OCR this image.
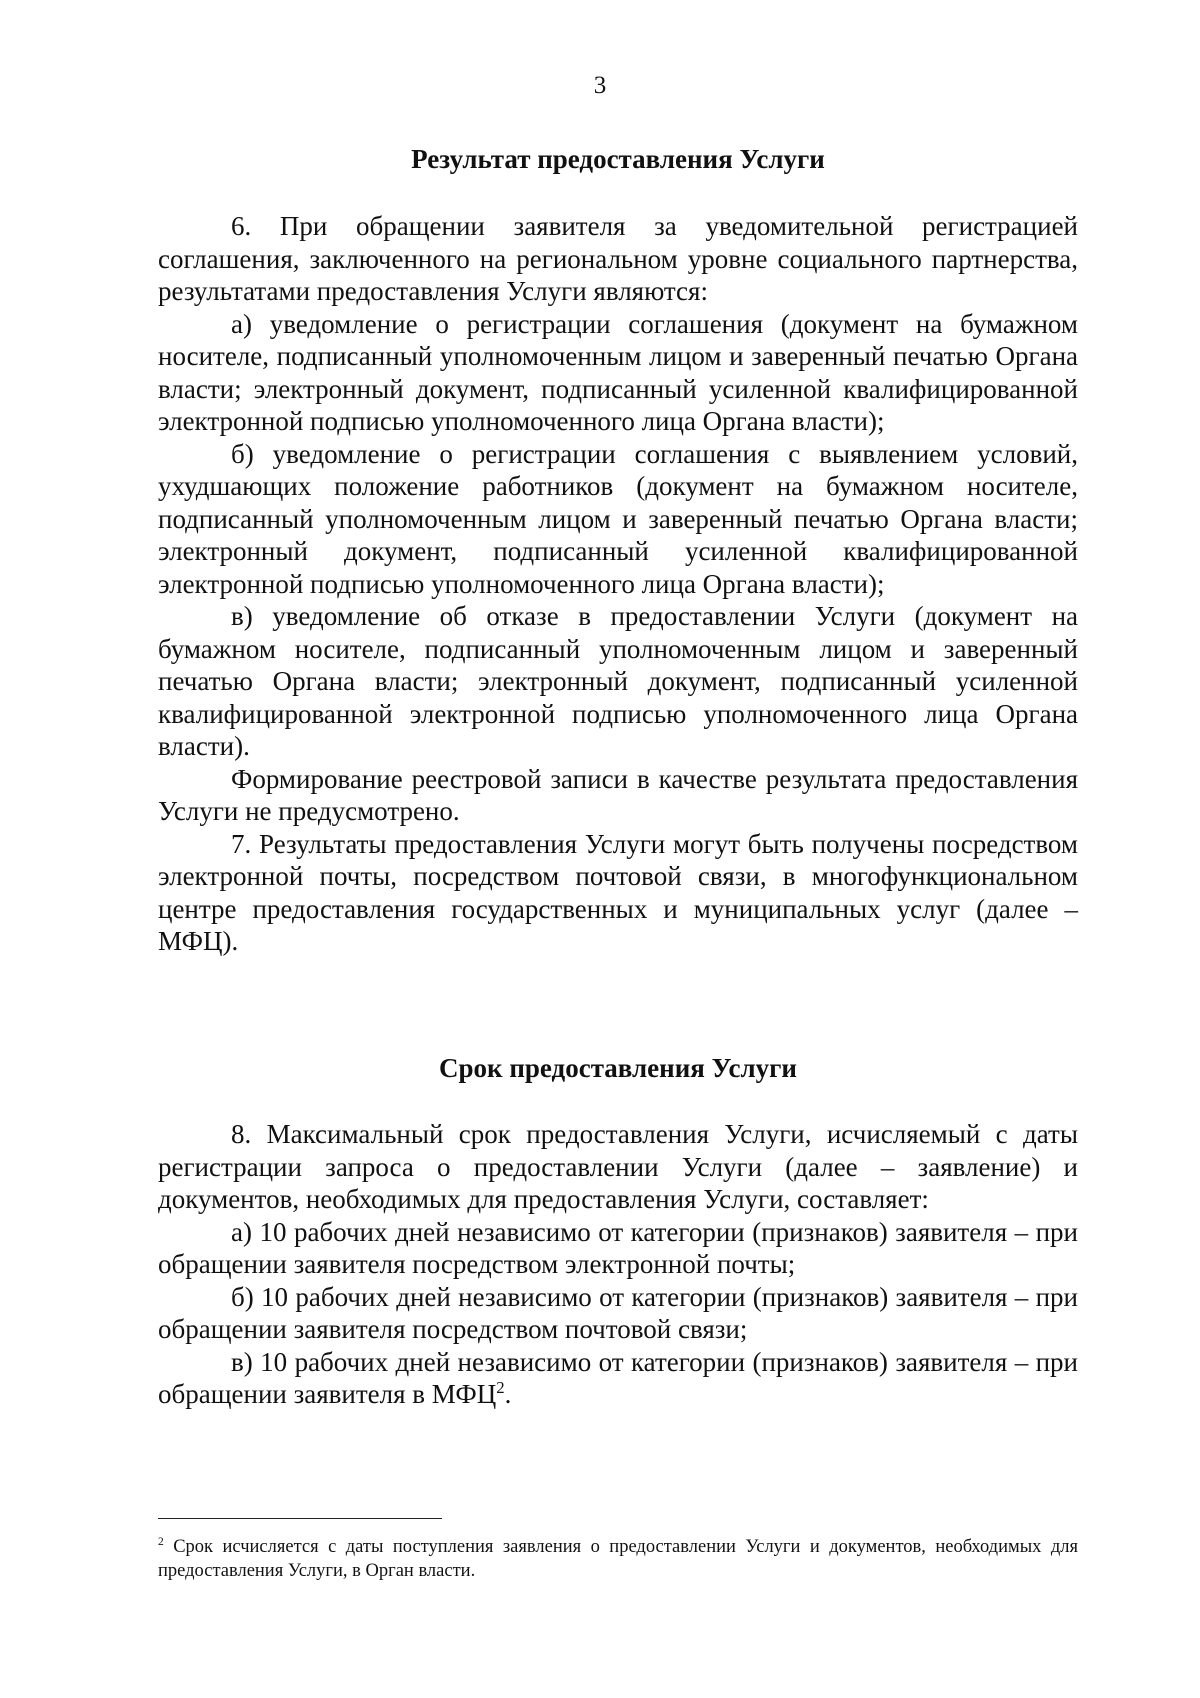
3
Результат предоставления Услуги

6. При обращении заявителя за уведомительной регистрацией соглашения, заключенного на региональном уровне социального партнерства, результатами предоставления Услуги являются:

а) уведомление о регистрации соглашения (документ на бумажном носителе, подписанный уполномоченным лицом и заверенный печатью Органа власти; электронный документ, подписанный усиленной квалифицированной электронной подписью уполномоченного лица Органа власти);

б) уведомление о регистрации соглашения с выявлением условий, ухудшающих положение работников (документ на бумажном носителе, подписанный уполномоченным лицом и заверенный печатью Органа власти; электронный документ, подписанный усиленной квалифицированной электронной подписью уполномоченного лица Органа власти);

в) уведомление об отказе в предоставлении Услуги (документ на бумажном носителе, подписанный уполномоченным лицом и заверенный печатью Органа власти; электронный документ, подписанный усиленной квалифицированной электронной подписью уполномоченного лица Органа власти).

Формирование реестровой записи в качестве результата предоставления Услуги не предусмотрено.

7. Результаты предоставления Услуги могут быть получены посредством электронной почты, посредством почтовой связи, в многофункциональном центре предоставления государственных и муниципальных услуг (далее – МФЦ).

Срок предоставления Услуги

8. Максимальный срок предоставления Услуги, исчисляемый с даты регистрации запроса о предоставлении Услуги (далее – заявление) и документов, необходимых для предоставления Услуги, составляет:

а) 10 рабочих дней независимо от категории (признаков) заявителя – при обращении заявителя посредством электронной почты;

б) 10 рабочих дней независимо от категории (признаков) заявителя – при обращении заявителя посредством почтовой связи;

в) 10 рабочих дней независимо от категории (признаков) заявителя – при обращении заявителя в МФЦ$^2$.

$^2$ Срок исчисляется с даты поступления заявления о предоставлении Услуги и документов, необходимых для предоставления Услуги, в Орган власти.
